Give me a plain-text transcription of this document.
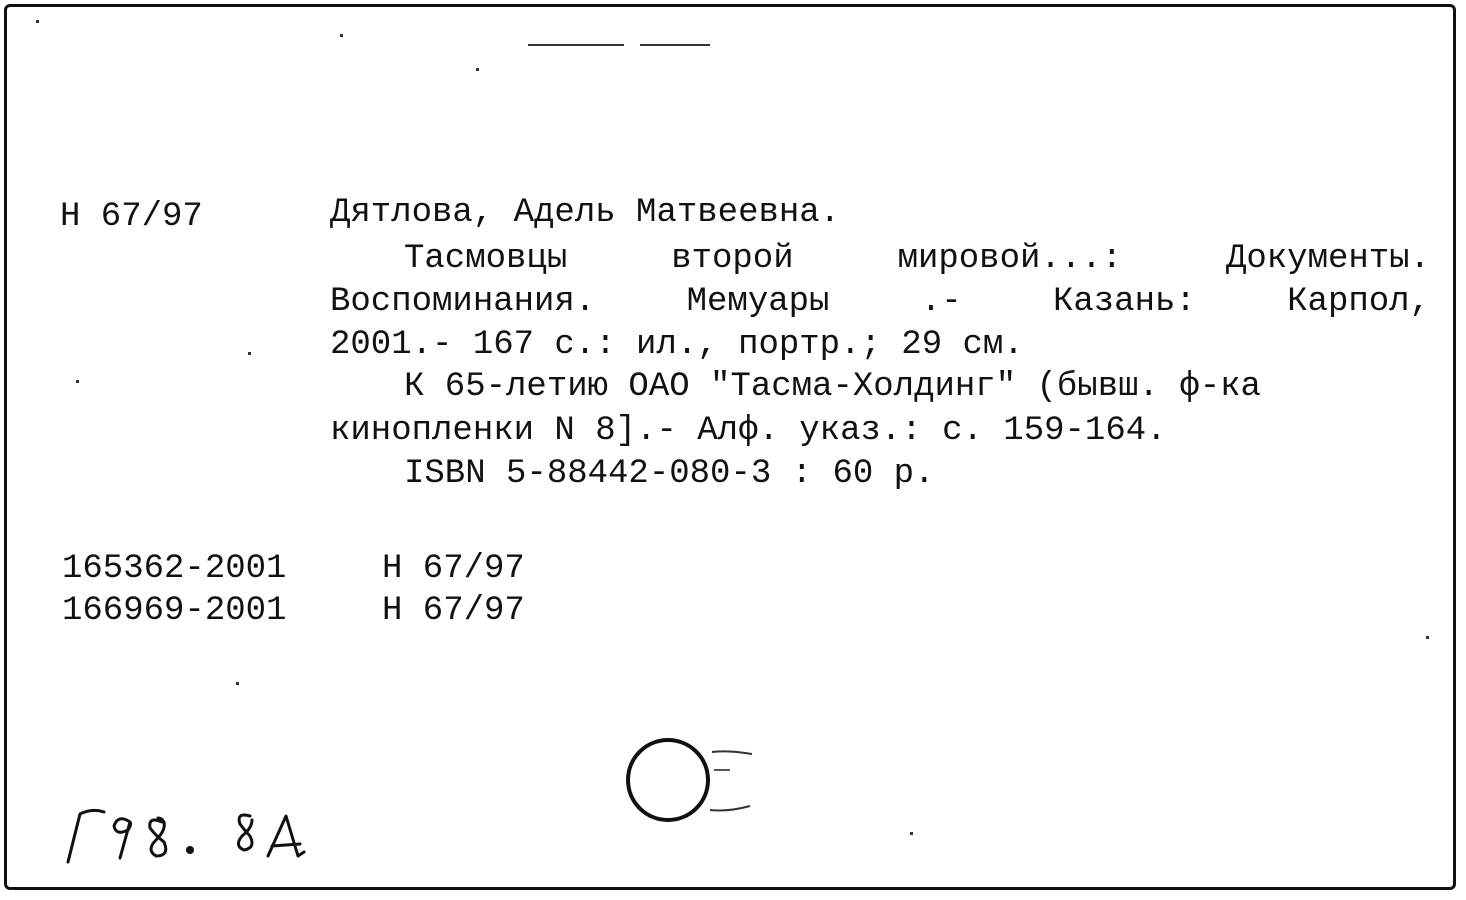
Н 67/97	Дятлова, Адель Матвеевна.
Тасмовцы	второй	мировой...:	Документы.
Воспоминания.	Мемуары	.-	Казань:	Карпол,
2001.- 167 с.: ил., портр.; 29 см.
К 65-летию ОАО "Тасма-Холдинг" (бывш. ф-ка
кинопленки N 8].- Алф. указ.: с. 159-164.
ISBN 5-88442-080-3 : 60 р.
165362-2001	Н 67/97
166969-2001	Н 67/97
